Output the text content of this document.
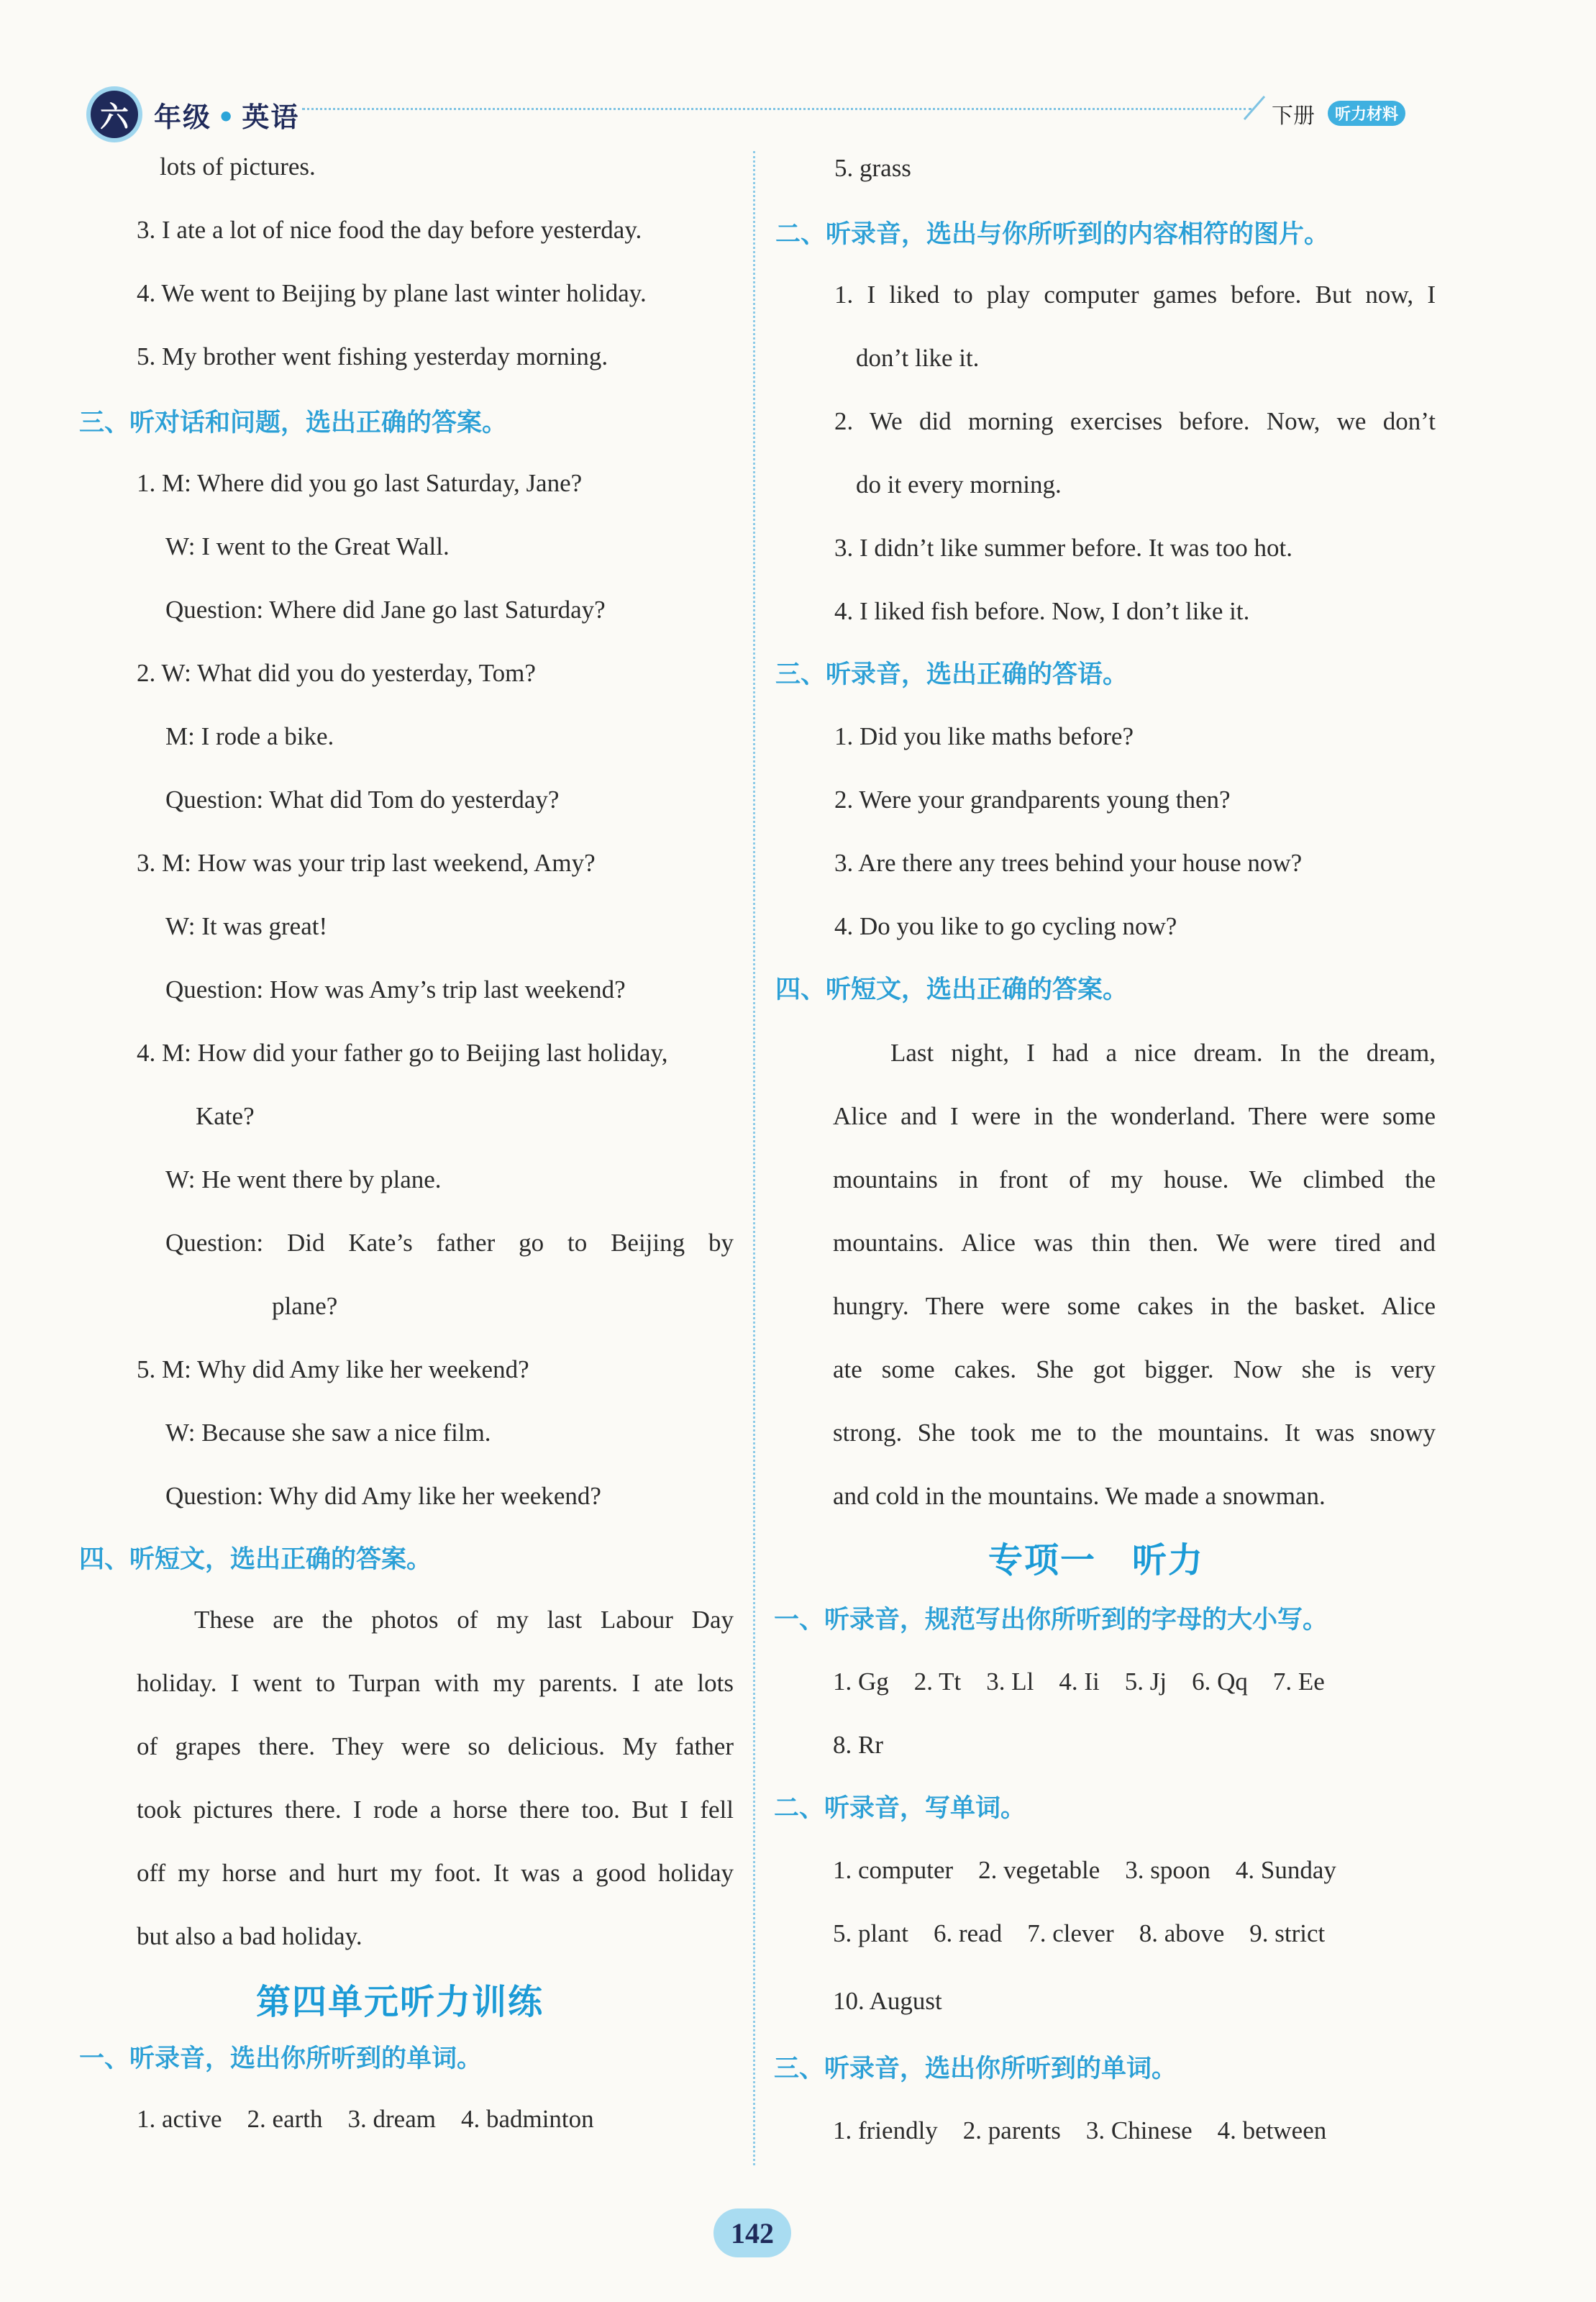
六 年级 • 英语	下册	听力材料
lots of pictures.
3. I ate a lot of nice food the day before yesterday.
4. We went to Beijing by plane last winter holiday.
5. My brother went fishing yesterday morning.
三、听对话和问题，选出正确的答案。
1. M: Where did you go last Saturday, Jane?
W: I went to the Great Wall.
Question: Where did Jane go last Saturday?
2. W: What did you do yesterday, Tom?
M: I rode a bike.
Question: What did Tom do yesterday?
3. M: How was your trip last weekend, Amy?
W: It was great!
Question: How was Amy’s trip last weekend?
4. M: How did your father go to Beijing last holiday,
Kate?
W: He went there by plane.
Question: Did Kate’s father go to Beijing by
plane?
5. M: Why did Amy like her weekend?
W: Because she saw a nice film.
Question: Why did Amy like her weekend?
四、听短文，选出正确的答案。
These are the photos of my last Labour Day
holiday. I went to Turpan with my parents. I ate lots
of grapes there. They were so delicious. My father
took pictures there. I rode a horse there too. But I fell
off my horse and hurt my foot. It was a good holiday
but also a bad holiday.
第四单元听力训练
一、听录音，选出你所听到的单词。
1. active    2. earth    3. dream    4. badminton
5. grass
二、听录音，选出与你所听到的内容相符的图片。
1. I liked to play computer games before. But now, I
don’t like it.
2. We did morning exercises before. Now, we don’t
do it every morning.
3. I didn’t like summer before. It was too hot.
4. I liked fish before. Now, I don’t like it.
三、听录音，选出正确的答语。
1. Did you like maths before?
2. Were your grandparents young then?
3. Are there any trees behind your house now?
4. Do you like to go cycling now?
四、听短文，选出正确的答案。
Last night, I had a nice dream. In the dream,
Alice and I were in the wonderland. There were some
mountains in front of my house. We climbed the
mountains. Alice was thin then. We were tired and
hungry. There were some cakes in the basket. Alice
ate some cakes. She got bigger. Now she is very
strong. She took me to the mountains. It was snowy
and cold in the mountains. We made a snowman.
专项一　听力
一、听录音，规范写出你所听到的字母的大小写。
1. Gg    2. Tt    3. Ll    4. Ii    5. Jj    6. Qq    7. Ee
8. Rr
二、听录音，写单词。
1. computer    2. vegetable    3. spoon    4. Sunday
5. plant    6. read    7. clever    8. above    9. strict
10. August
三、听录音，选出你所听到的单词。
1. friendly    2. parents    3. Chinese    4. between
142
